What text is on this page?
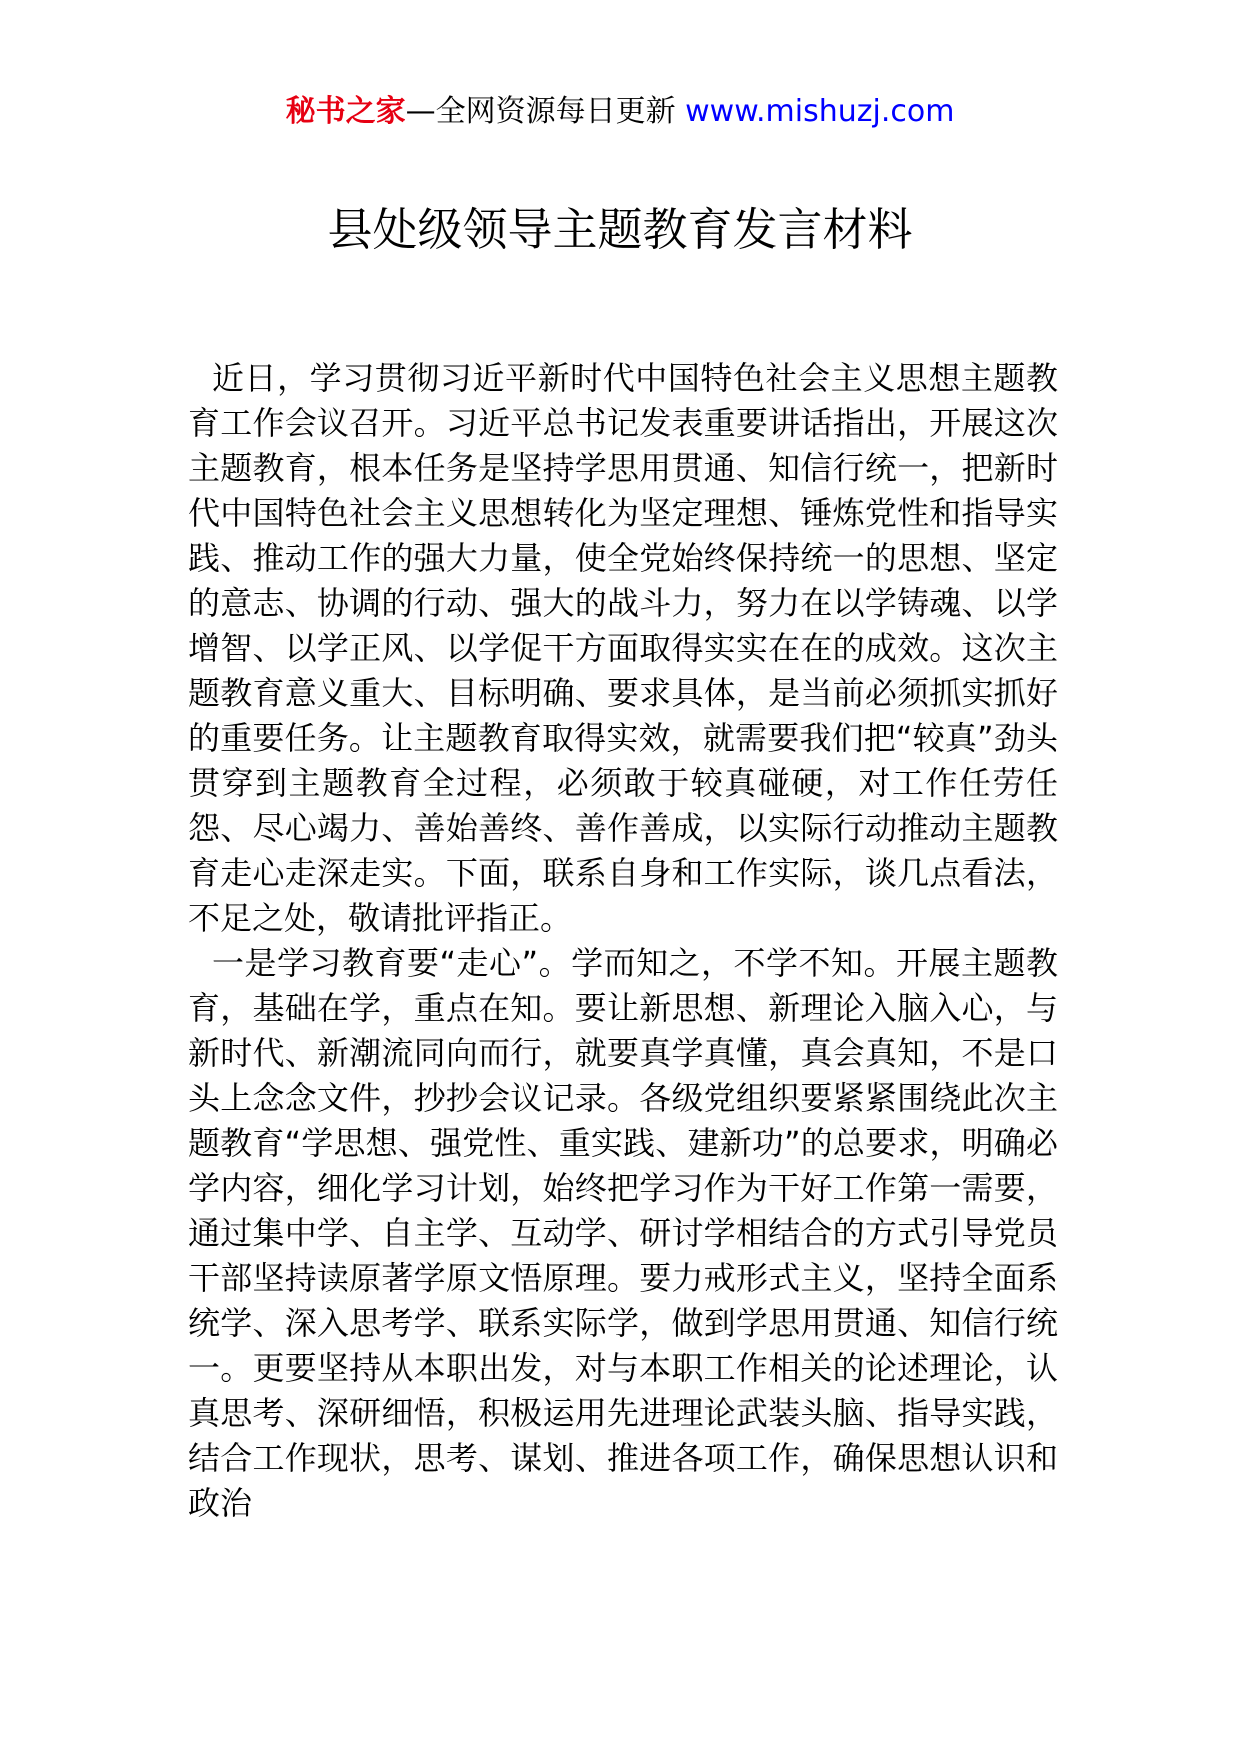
秘书之家—全网资源每日更新 www.mishuzj.com
县处级领导主题教育发言材料

近日，学习贯彻习近平新时代中国特色社会主义思想主题教育工作会议召开。习近平总书记发表重要讲话指出，开展这次主题教育，根本任务是坚持学思用贯通、知信行统一，把新时代中国特色社会主义思想转化为坚定理想、锤炼党性和指导实践、推动工作的强大力量，使全党始终保持统一的思想、坚定的意志、协调的行动、强大的战斗力，努力在以学铸魂、以学增智、以学正风、以学促干方面取得实实在在的成效。这次主题教育意义重大、目标明确、要求具体，是当前必须抓实抓好的重要任务。让主题教育取得实效，就需要我们把“较真”劲头贯穿到主题教育全过程，必须敢于较真碰硬，对工作任劳任怨、尽心竭力、善始善终、善作善成，以实际行动推动主题教育走心走深走实。下面，联系自身和工作实际，谈几点看法，不足之处，敬请批评指正。

一是学习教育要“走心”。学而知之，不学不知。开展主题教育，基础在学，重点在知。要让新思想、新理论入脑入心，与新时代、新潮流同向而行，就要真学真懂，真会真知，不是口头上念念文件，抄抄会议记录。各级党组织要紧紧围绕此次主题教育“学思想、强党性、重实践、建新功”的总要求，明确必学内容，细化学习计划，始终把学习作为干好工作第一需要，通过集中学、自主学、互动学、研讨学相结合的方式引导党员干部坚持读原著学原文悟原理。要力戒形式主义，坚持全面系统学、深入思考学、联系实际学，做到学思用贯通、知信行统一。更要坚持从本职出发，对与本职工作相关的论述理论，认真思考、深研细悟，积极运用先进理论武装头脑、指导实践，结合工作现状，思考、谋划、推进各项工作，确保思想认识和政治
